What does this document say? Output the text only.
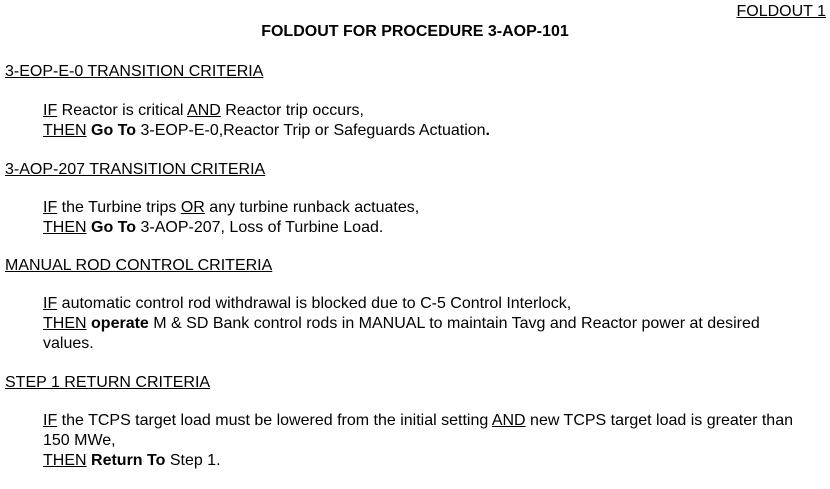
FOLDOUT 1
FOLDOUT FOR PROCEDURE 3-AOP-101
3-EOP-E-0 TRANSITION CRITERIA
IF Reactor is critical AND Reactor trip occurs,
THEN Go To 3-EOP-E-0,Reactor Trip or Safeguards Actuation.
3-AOP-207 TRANSITION CRITERIA
IF the Turbine trips OR any turbine runback actuates,
THEN Go To 3-AOP-207, Loss of Turbine Load.
MANUAL ROD CONTROL CRITERIA
IF automatic control rod withdrawal is blocked due to C-5 Control Interlock,
THEN operate M & SD Bank control rods in MANUAL to maintain Tavg and Reactor power at desired values.
STEP 1 RETURN CRITERIA
IF the TCPS target load must be lowered from the initial setting AND new TCPS target load is greater than 150 MWe,
THEN Return To Step 1.
